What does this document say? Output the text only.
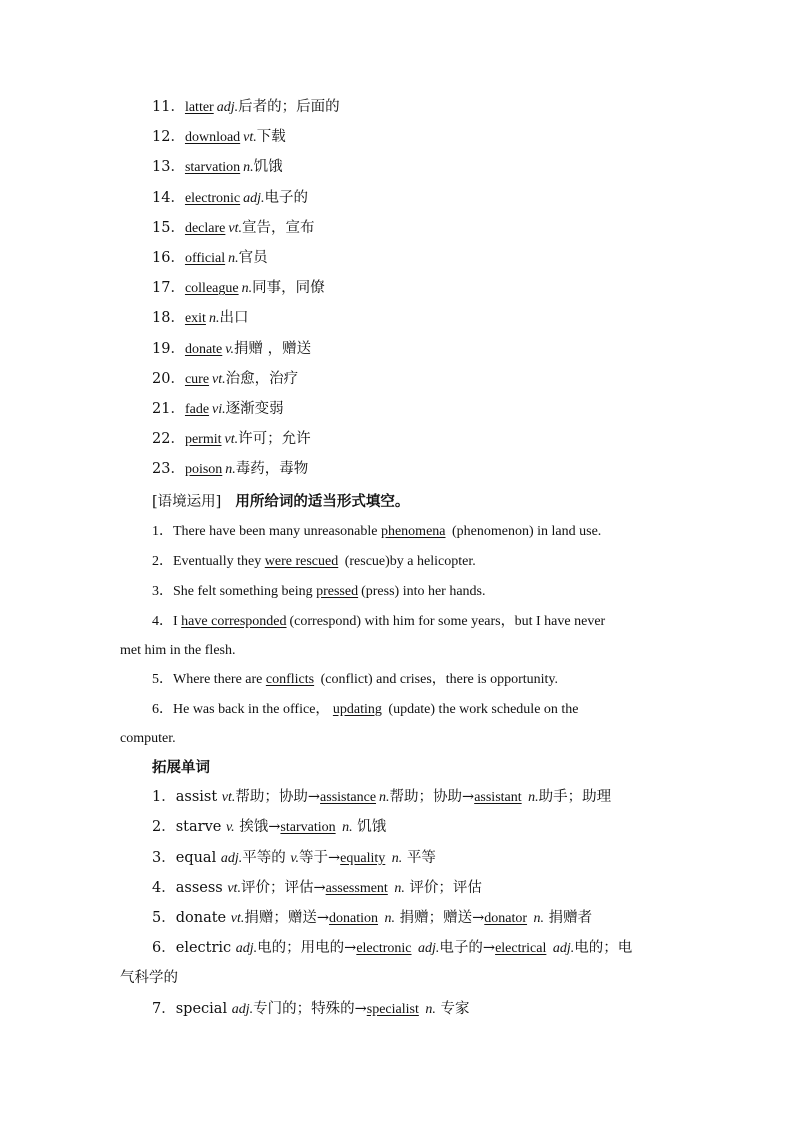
11．latter adj.后者的；后面的
12．download vt.下载
13．starvation n.饥饿
14．electronic adj.电子的
15．declare vt.宣告，宣布
16．official n.官员
17．colleague n.同事，同僚
18．exit n.出口
19．donate v.捐赠 ，赠送
20．cure vt.治愈，治疗
21．fade vi.逐渐变弱
22．permit vt.许可；允许
23．poison n.毒药，毒物
[语境运用] 用所给词的适当形式填空。
1．There have been many unreasonable phenomena (phenomenon) in land use.
2．Eventually they were rescued (rescue)by a helicopter.
3．She felt something being pressed (press) into her hands.
4．I have corresponded (correspond) with him for some years，but I have never
met him in the flesh.
5．Where there are conflicts (conflict) and crises，there is opportunity.
6．He was back in the office， updating (update) the work schedule on the
computer.
拓展单词
1．assist vt.帮助；协助→assistance n.帮助；协助→assistant n.助手；助理
2．starve v. 挨饿→starvation n. 饥饿
3．equal adj.平等的 v.等于→equality n. 平等
4．assess vt.评价；评估→assessment n. 评价；评估
5．donate vt.捐赠；赠送→donation n. 捐赠；赠送→donator n. 捐赠者
6．electric adj.电的；用电的→electronic adj.电子的→electrical adj.电的；电
气科学的
7．special adj.专门的；特殊的→specialist n. 专家
